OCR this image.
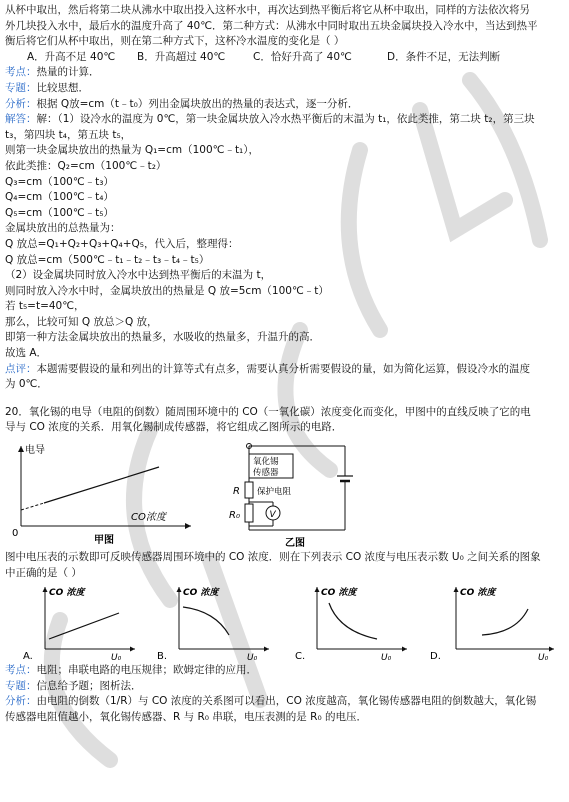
从杯中取出，然后将第二块从沸水中取出投入这杯水中，再次达到热平衡后将它从杯中取出，同样的方法依次将另
外几块投入水中，最后水的温度升高了 40℃．第二种方式：从沸水中同时取出五块金属块投入冷水中，当达到热平
衡后将它们从杯中取出，则在第二种方式下，这杯冷水温度的变化是（ ）
A．升高不足 40℃ B．升高超过 40℃	C．恰好升高了 40℃	D．条件不足，无法判断
考点：热量的计算．
专题：比较思想．
分析：根据 Q放=cm（t﹣t₀）列出金属块放出的热量的表达式，逐一分析．
解答：解：（1）设冷水的温度为 0℃，第一块金属块放入冷水热平衡后的末温为 t₁，依此类推，第二块 t₂，第三块
t₃，第四块 t₄，第五块 t₅，
则第一块金属块放出的热量为 Q₁=cm（100℃﹣t₁），
依此类推：Q₂=cm（100℃﹣t₂）
Q₃=cm（100℃﹣t₃）
Q₄=cm（100℃﹣t₄）
Q₅=cm（100℃﹣t₅）
金属块放出的总热量为：
Q 放总=Q₁+Q₂+Q₃+Q₄+Q₅，代入后，整理得：
Q 放总=cm（500℃﹣t₁﹣t₂﹣t₃﹣t₄﹣t₅）
（2）设金属块同时放入冷水中达到热平衡后的末温为 t，
则同时放入冷水中时，金属块放出的热量是 Q 放=5cm（100℃﹣t）
若 t₅=t=40℃，
那么，比较可知 Q 放总＞Q 放，
即第一种方法金属块放出的热量多，水吸收的热量多，升温升的高．
故选 A．
点评：本题需要假设的量和列出的计算等式有点多，需要认真分析需要假设的量，如为简化运算，假设冷水的温度
为 0℃．
20．氧化锡的电导（电阻的倒数）随周围环境中的 CO（一氧化碳）浓度变化而变化，甲图中的直线反映了它的电
导与 CO 浓度的关系．用氧化锡制成传感器，将它组成乙图所示的电路．
电导
CO浓度
0
甲图
氧化锡
传感器
R 保护电阻
R₀	V
乙图
图中电压表的示数即可反映传感器周围环境中的 CO 浓度．则在下列表示 CO 浓度与电压表示数 U₀ 之间关系的图象
中正确的是（ ）
A.
CO 浓度
U₀	B.
CO 浓度
U₀	C.
CO 浓度
U₀	D.
CO 浓度
U₀
考点：电阻；串联电路的电压规律；欧姆定律的应用．
专题：信息给予题；图析法．
分析：由电阻的倒数（1/R）与 CO 浓度的关系图可以看出，CO 浓度越高，氧化锡传感器电阻的倒数越大，氧化锡
传感器电阻值越小，氧化锡传感器、R 与 R₀ 串联，电压表测的是 R₀ 的电压．
